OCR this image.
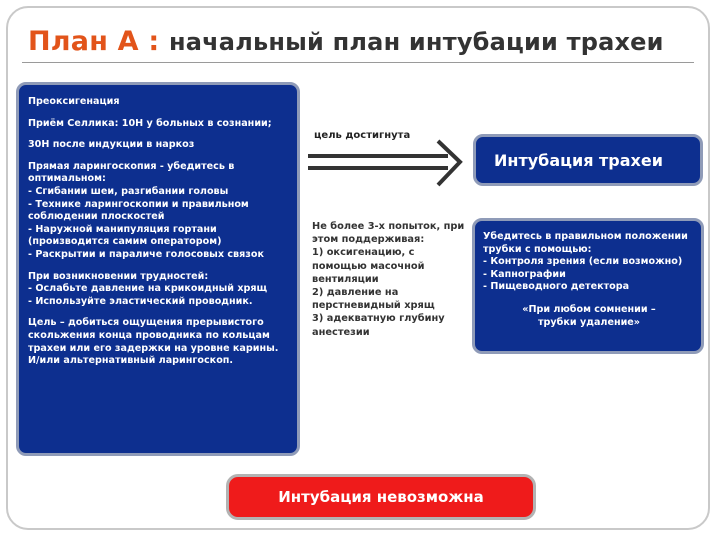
План А : начальный план интубации трахеи
Преоксигенация
Приём Селлика: 10Н у больных в сознании;
30Н после индукции в наркоз
Прямая ларингоскопия - убедитесь в оптимальном:
- Сгибании шеи, разгибании головы
- Технике ларингоскопии и правильном соблюдении плоскостей
- Наружной манипуляция гортани (производится самим оператором)
- Раскрытии и параличе голосовых связок
При возникновении трудностей:
- Ослабьте давление на крикоидный хрящ
- Используйте эластический проводник.
Цель – добиться ощущения прерывистого скольжения конца проводника по кольцам трахеи или его задержки на уровне карины. И/или альтернативный ларингоскоп.
цель достигнута
Интубация трахеи
Не более 3-х попыток, при этом поддерживая:
1) оксигенацию, с помощью масочной вентиляции
2) давление на перстневидный хрящ
3) адекватную глубину анестезии
Убедитесь в правильном положении трубки с помощью:
- Контроля зрения (если возможно)
- Капнографии
- Пищеводного детектора
«При любом сомнении –
трубки удаление»
Интубация невозможна
